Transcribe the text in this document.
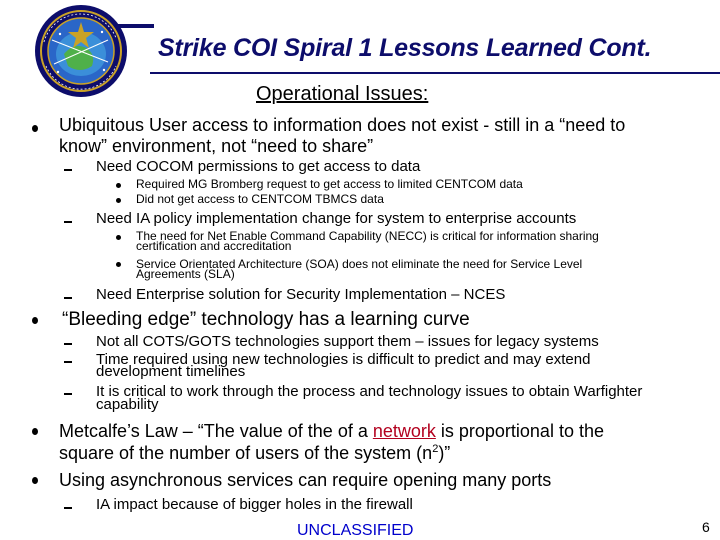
Strike COI Spiral 1 Lessons Learned Cont.
Operational Issues:
Ubiquitous User access to information does not exist - still in a “need to
know” environment, not “need to share”
Need COCOM permissions to get access to data
Required MG Bromberg request to get access to limited CENTCOM data
Did not get access to CENTCOM TBMCS data
Need IA policy implementation change for system to enterprise accounts
The need for Net Enable Command Capability (NECC) is critical for information sharing
certification and accreditation
Service Orientated Architecture (SOA) does not eliminate the need for Service Level
Agreements (SLA)
Need Enterprise solution for Security Implementation – NCES
“Bleeding edge” technology has a learning curve
Not all COTS/GOTS technologies support them – issues for legacy systems
Time required using new technologies is difficult to predict and may extend
development timelines
It is critical to work through the process and technology issues to obtain Warfighter
capability
Metcalfe’s Law – “The value of the of a network is proportional to the
square of the number of users of the system $(n^2)$”
Using asynchronous services can require opening many ports
IA impact because of bigger holes in the firewall
UNCLASSIFIED	6
